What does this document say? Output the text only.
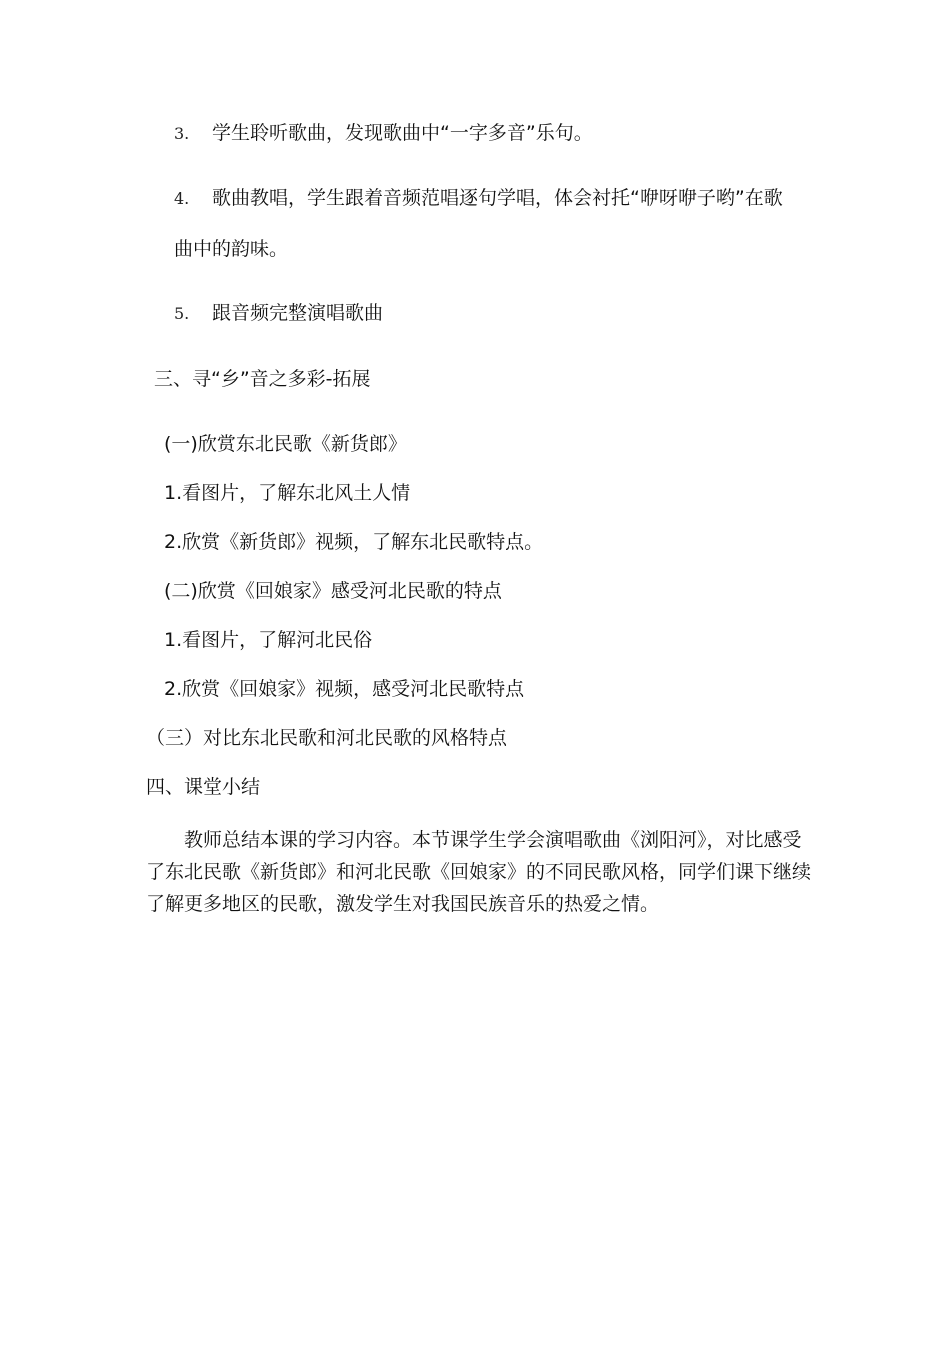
3. 学生聆听歌曲，发现歌曲中“一字多音”乐句。
4. 歌曲教唱，学生跟着音频范唱逐句学唱，体会衬托“咿呀咿子哟”在歌
曲中的韵味。
5. 跟音频完整演唱歌曲
三、寻“乡”音之多彩-拓展
(一)欣赏东北民歌《新货郎》
1.看图片，了解东北风土人情
2.欣赏《新货郎》视频，了解东北民歌特点。
(二)欣赏《回娘家》感受河北民歌的特点
1.看图片，了解河北民俗
2.欣赏《回娘家》视频，感受河北民歌特点
（三）对比东北民歌和河北民歌的风格特点
四、课堂小结
教师总结本课的学习内容。本节课学生学会演唱歌曲《浏阳河》，对比感受
了东北民歌《新货郎》和河北民歌《回娘家》的不同民歌风格，同学们课下继续
了解更多地区的民歌，激发学生对我国民族音乐的热爱之情。
